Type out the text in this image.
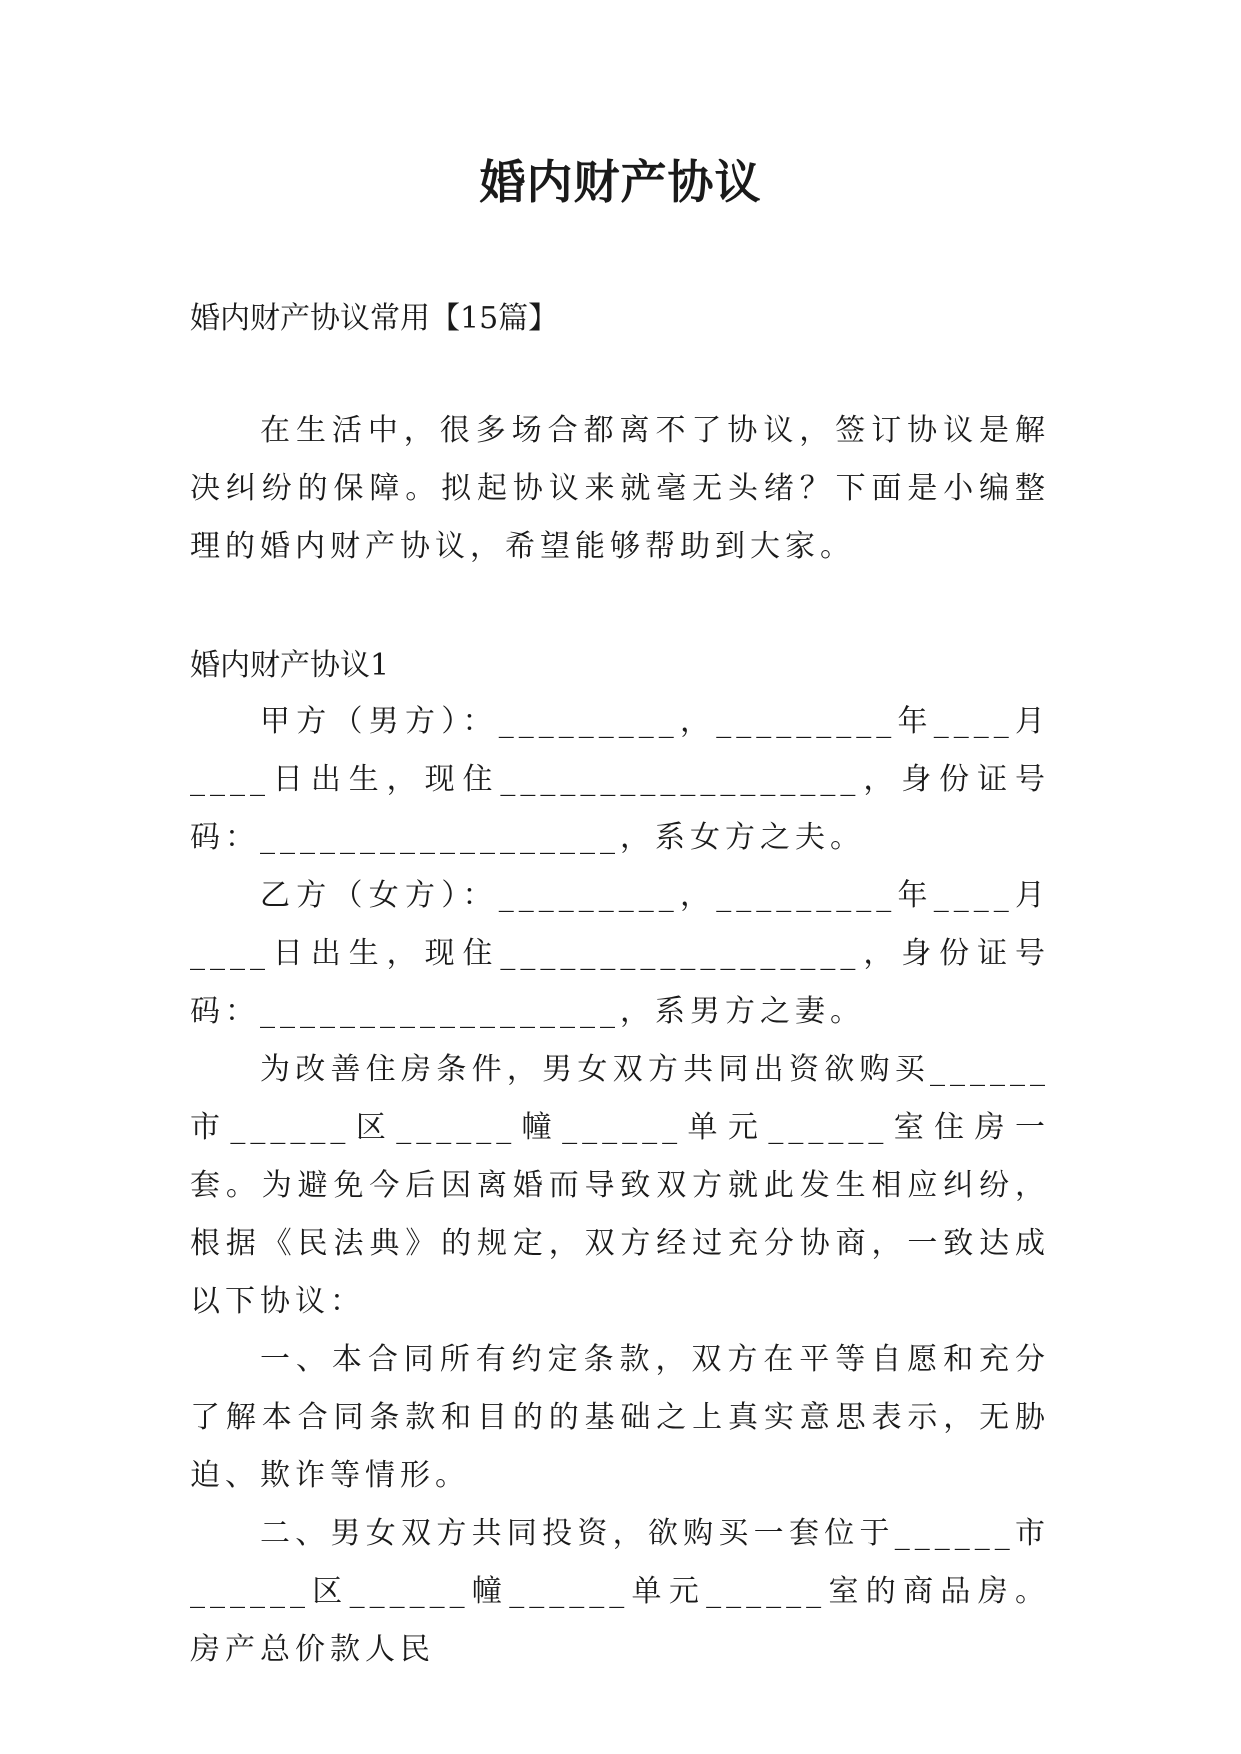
婚内财产协议
婚内财产协议常用【15篇】
在生活中，很多场合都离不了协议，签订协议是解决纠纷的保障。拟起协议来就毫无头绪？下面是小编整理的婚内财产协议，希望能够帮助到大家。
婚内财产协议1

甲方（男方）：_________，_________年____月____日出生，现住__________________，身份证号码：__________________，系女方之夫。

乙方（女方）：_________，_________年____月____日出生，现住__________________，身份证号码：__________________，系男方之妻。

为改善住房条件，男女双方共同出资欲购买______市______区______幢______单元______室住房一套。为避免今后因离婚而导致双方就此发生相应纠纷，根据《民法典》的规定，双方经过充分协商，一致达成以下协议：

一、本合同所有约定条款，双方在平等自愿和充分了解本合同条款和目的的基础之上真实意思表示，无胁迫、欺诈等情形。

二、男女双方共同投资，欲购买一套位于______市______区______幢______单元______室的商品房。房产总价款人民
